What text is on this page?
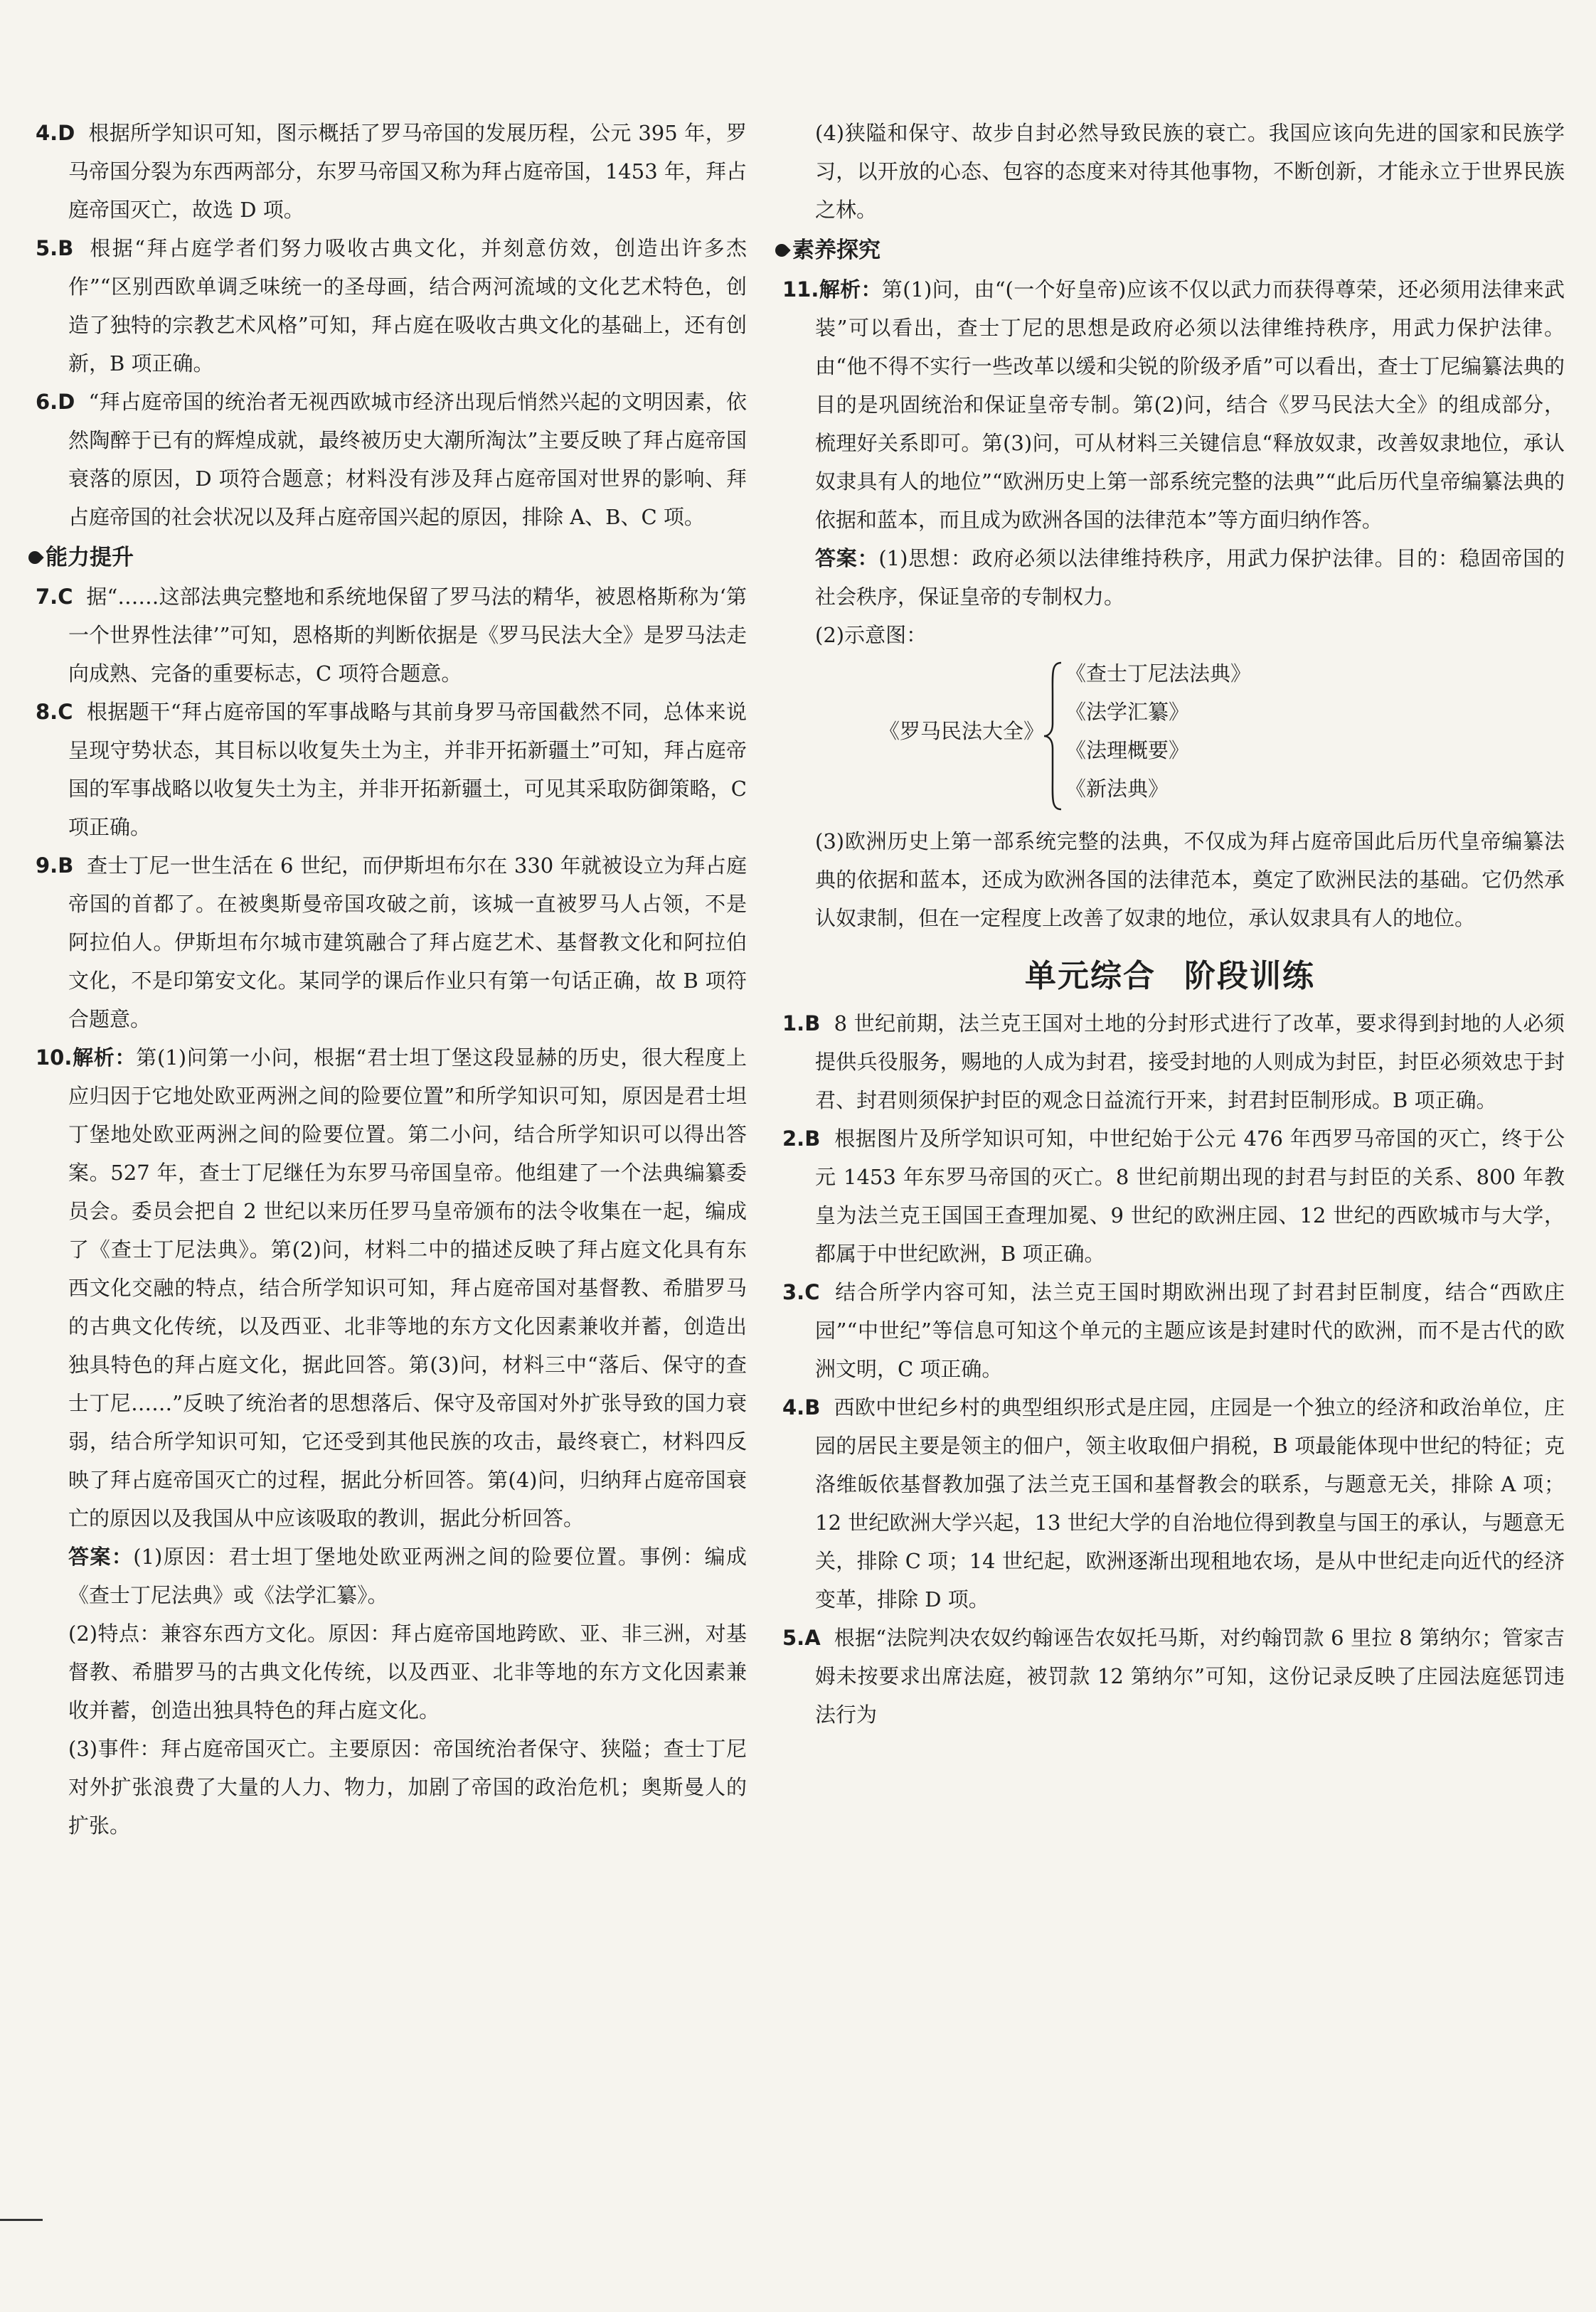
4.D 根据所学知识可知，图示概括了罗马帝国的发展历程，公元 395 年，罗马帝国分裂为东西两部分，东罗马帝国又称为拜占庭帝国，1453 年，拜占庭帝国灭亡，故选 D 项。

5.B 根据“拜占庭学者们努力吸收古典文化，并刻意仿效，创造出许多杰作”“区别西欧单调乏味统一的圣母画，结合两河流域的文化艺术特色，创造了独特的宗教艺术风格”可知，拜占庭在吸收古典文化的基础上，还有创新，B 项正确。

6.D “拜占庭帝国的统治者无视西欧城市经济出现后悄然兴起的文明因素，依然陶醉于已有的辉煌成就，最终被历史大潮所淘汰”主要反映了拜占庭帝国衰落的原因，D 项符合题意；材料没有涉及拜占庭帝国对世界的影响、拜占庭帝国的社会状况以及拜占庭帝国兴起的原因，排除 A、B、C 项。

能力提升

7.C 据“……这部法典完整地和系统地保留了罗马法的精华，被恩格斯称为‘第一个世界性法律’”可知，恩格斯的判断依据是《罗马民法大全》是罗马法走向成熟、完备的重要标志，C 项符合题意。

8.C 根据题干“拜占庭帝国的军事战略与其前身罗马帝国截然不同，总体来说呈现守势状态，其目标以收复失土为主，并非开拓新疆土”可知，拜占庭帝国的军事战略以收复失土为主，并非开拓新疆土，可见其采取防御策略，C 项正确。

9.B 查士丁尼一世生活在 6 世纪，而伊斯坦布尔在 330 年就被设立为拜占庭帝国的首都了。在被奥斯曼帝国攻破之前，该城一直被罗马人占领，不是阿拉伯人。伊斯坦布尔城市建筑融合了拜占庭艺术、基督教文化和阿拉伯文化，不是印第安文化。某同学的课后作业只有第一句话正确，故 B 项符合题意。

10.解析：第(1)问第一小问，根据“君士坦丁堡这段显赫的历史，很大程度上应归因于它地处欧亚两洲之间的险要位置”和所学知识可知，原因是君士坦丁堡地处欧亚两洲之间的险要位置。第二小问，结合所学知识可以得出答案。527 年，查士丁尼继任为东罗马帝国皇帝。他组建了一个法典编纂委员会。委员会把自 2 世纪以来历任罗马皇帝颁布的法令收集在一起，编成了《查士丁尼法典》。第(2)问，材料二中的描述反映了拜占庭文化具有东西文化交融的特点，结合所学知识可知，拜占庭帝国对基督教、希腊罗马的古典文化传统，以及西亚、北非等地的东方文化因素兼收并蓄，创造出独具特色的拜占庭文化，据此回答。第(3)问，材料三中“落后、保守的查士丁尼……”反映了统治者的思想落后、保守及帝国对外扩张导致的国力衰弱，结合所学知识可知，它还受到其他民族的攻击，最终衰亡，材料四反映了拜占庭帝国灭亡的过程，据此分析回答。第(4)问，归纳拜占庭帝国衰亡的原因以及我国从中应该吸取的教训，据此分析回答。

答案：(1)原因：君士坦丁堡地处欧亚两洲之间的险要位置。事例：编成《查士丁尼法典》或《法学汇纂》。

(2)特点：兼容东西方文化。原因：拜占庭帝国地跨欧、亚、非三洲，对基督教、希腊罗马的古典文化传统，以及西亚、北非等地的东方文化因素兼收并蓄，创造出独具特色的拜占庭文化。

(3)事件：拜占庭帝国灭亡。主要原因：帝国统治者保守、狭隘；查士丁尼对外扩张浪费了大量的人力、物力，加剧了帝国的政治危机；奥斯曼人的扩张。

(4)狭隘和保守、故步自封必然导致民族的衰亡。我国应该向先进的国家和民族学习，以开放的心态、包容的态度来对待其他事物，不断创新，才能永立于世界民族之林。

素养探究

11.解析：第(1)问，由“(一个好皇帝)应该不仅以武力而获得尊荣，还必须用法律来武装”可以看出，查士丁尼的思想是政府必须以法律维持秩序，用武力保护法律。由“他不得不实行一些改革以缓和尖锐的阶级矛盾”可以看出，查士丁尼编纂法典的目的是巩固统治和保证皇帝专制。第(2)问，结合《罗马民法大全》的组成部分，梳理好关系即可。第(3)问，可从材料三关键信息“释放奴隶，改善奴隶地位，承认奴隶具有人的地位”“欧洲历史上第一部系统完整的法典”“此后历代皇帝编纂法典的依据和蓝本，而且成为欧洲各国的法律范本”等方面归纳作答。

答案：(1)思想：政府必须以法律维持秩序，用武力保护法律。目的：稳固帝国的社会秩序，保证皇帝的专制权力。

(2)示意图：

《罗马民法大全》
《查士丁尼法法典》
《法学汇纂》
《法理概要》
《新法典》

(3)欧洲历史上第一部系统完整的法典，不仅成为拜占庭帝国此后历代皇帝编纂法典的依据和蓝本，还成为欧洲各国的法律范本，奠定了欧洲民法的基础。它仍然承认奴隶制，但在一定程度上改善了奴隶的地位，承认奴隶具有人的地位。

单元综合 阶段训练

1.B 8 世纪前期，法兰克王国对土地的分封形式进行了改革，要求得到封地的人必须提供兵役服务，赐地的人成为封君，接受封地的人则成为封臣，封臣必须效忠于封君、封君则须保护封臣的观念日益流行开来，封君封臣制形成。B 项正确。

2.B 根据图片及所学知识可知，中世纪始于公元 476 年西罗马帝国的灭亡，终于公元 1453 年东罗马帝国的灭亡。8 世纪前期出现的封君与封臣的关系、800 年教皇为法兰克王国国王查理加冕、9 世纪的欧洲庄园、12 世纪的西欧城市与大学，都属于中世纪欧洲，B 项正确。

3.C 结合所学内容可知，法兰克王国时期欧洲出现了封君封臣制度，结合“西欧庄园”“中世纪”等信息可知这个单元的主题应该是封建时代的欧洲，而不是古代的欧洲文明，C 项正确。

4.B 西欧中世纪乡村的典型组织形式是庄园，庄园是一个独立的经济和政治单位，庄园的居民主要是领主的佃户，领主收取佃户捐税，B 项最能体现中世纪的特征；克洛维皈依基督教加强了法兰克王国和基督教会的联系，与题意无关，排除 A 项；12 世纪欧洲大学兴起，13 世纪大学的自治地位得到教皇与国王的承认，与题意无关，排除 C 项；14 世纪起，欧洲逐渐出现租地农场，是从中世纪走向近代的经济变革，排除 D 项。

5.A 根据“法院判决农奴约翰诬告农奴托马斯，对约翰罚款 6 里拉 8 第纳尔；管家吉姆未按要求出席法庭，被罚款 12 第纳尔”可知，这份记录反映了庄园法庭惩罚违法行为
